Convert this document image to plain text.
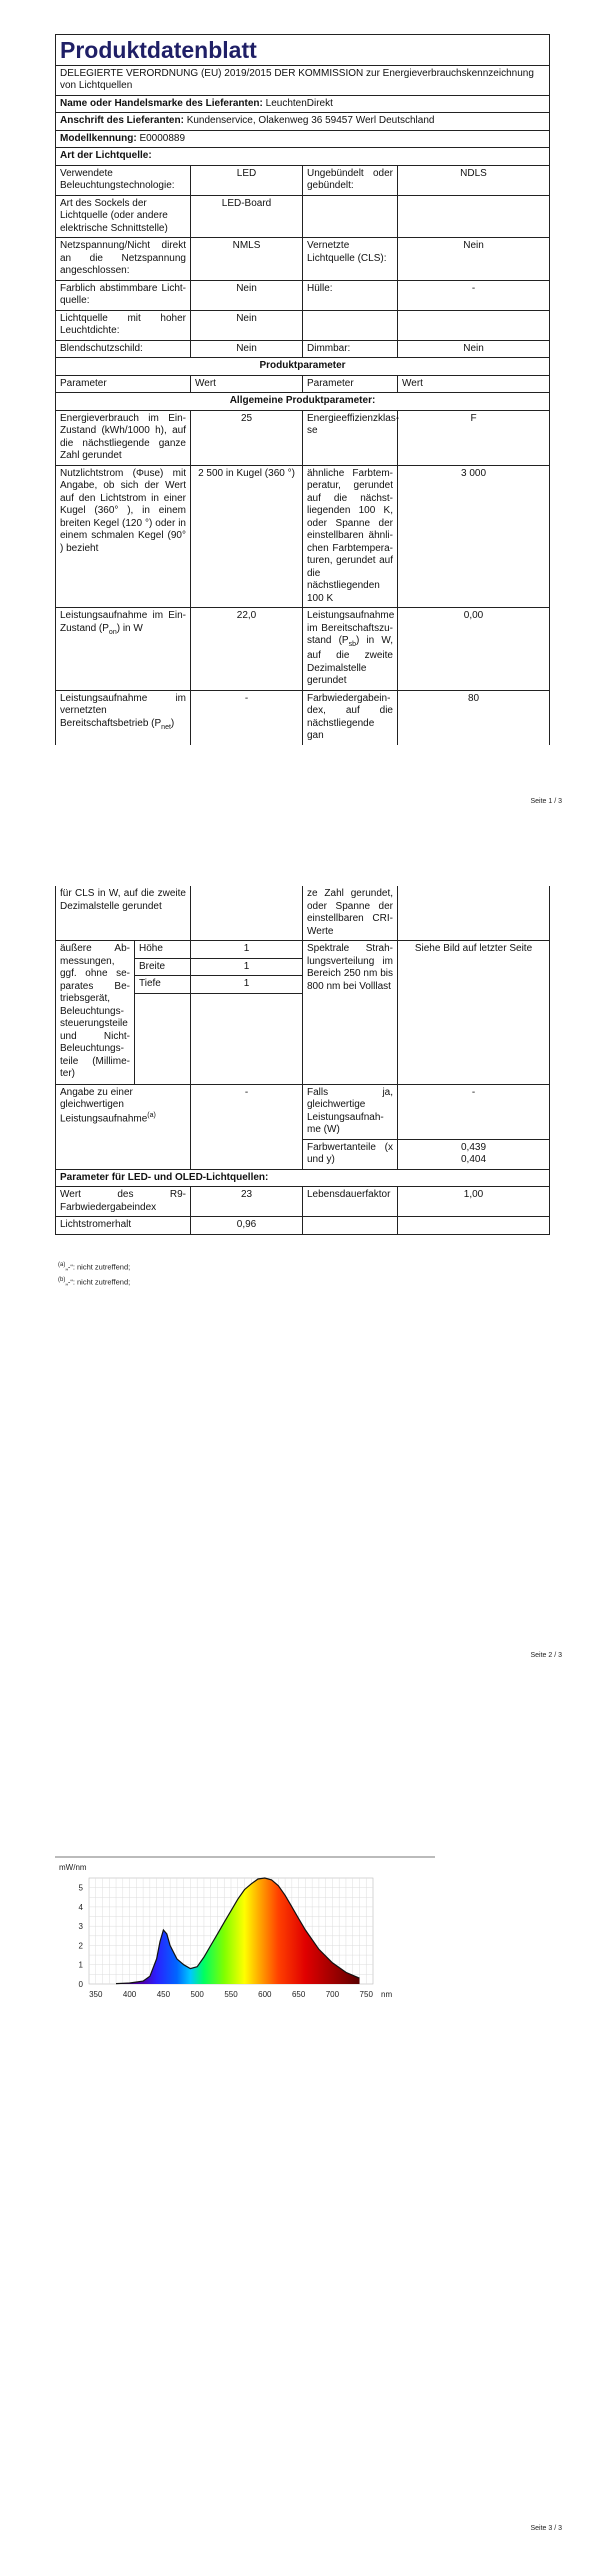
Produktdatenblatt			
DELEGIERTE VERORDNUNG (EU) 2019/2015 DER KOMMISSION zur Energieverbrauchskennzeichnung von Lichtquellen			
Name oder Handelsmarke des Lieferanten: LeuchtenDirekt			
Anschrift des Lieferanten: Kundenservice, Olakenweg 36 59457 Werl Deutschland			
Modellkennung: E0000889			
Art der Lichtquelle:			
Verwendete Beleuchtungstechnologie:	LED	Ungebündelt oder gebündelt:	NDLS
Art des Sockels der Lichtquelle (oder andere elektrische Schnittstelle)	LED-Board		
Netzspannung/Nicht direkt an die Netzspannung angeschlossen:	NMLS	Vernetzte Lichtquelle (CLS):	Nein
Farblich abstimmbare Lichtquelle:	Nein	Hülle:	-
Lichtquelle mit hoher Leuchtdichte:	Nein		
Blendschutzschild:	Nein	Dimmbar:	Nein
Produktparameter			
Parameter	Wert	Parameter	Wert
Allgemeine Produktparameter:			
Energieverbrauch im Ein-Zustand (kWh/1000 h), auf die nächstliegende ganze Zahl gerundet	25	Energieeffizienzklasse	F
Nutzlichtstrom (Φuse) mit Angabe, ob sich der Wert auf den Lichtstrom in einer Kugel (360° ), in einem breiten Kegel (120 °) oder in einem schmalen Kegel (90° ) bezieht	2 500 in Kugel (360 °)	ähnliche Farbtemperatur, gerundet auf die nächstliegenden 100 K, oder Spanne der einstellbaren ähnlichen Farbtemperaturen, gerundet auf die nächstliegenden 100 K	3 000
Leistungsaufnahme im Ein-Zustand $(P_{on})$ in W	22,0	Leistungsaufnahme im Bereitschaftszustand $(P_{sb})$ in W, auf die zweite Dezimalstelle gerundet	0,00
Leistungsaufnahme im vernetzten Bereitschaftsbetrieb $(P_{net})$	-	Farbwiedergabeindex, auf die nächstliegende gan	80
Seite 1 / 3
für CLS in W, auf die zweite Dezimalstelle gerundet			ze Zahl gerundet, oder Spanne der einstellbaren CRI-Werte	
äußere Abmessungen, ggf. ohne separates Betriebsgerät, Beleuchtungssteuerungsteile und Nicht-Beleuchtungsteile (Millimeter)	Höhe	1	Spektrale Strahlungsverteilung im Bereich 250 nm bis 800 nm bei Volllast	Siehe Bild auf letzter Seite
	Breite	1		
	Tiefe	1		

Angabe zu einer gleichwertigen Leistungsaufnahme$^{(a)}$		-	Falls ja, gleichwertige Leistungsaufnahme (W)	-
			Farbwertanteile (x und y)	0,439
0,404

Parameter für LED- und OLED-Lichtquellen:				
Wert des R9-Farbwiedergabeindex		23	Lebensdauerfaktor	1,00
Lichtstromerhalt		0,96		
$^{(a)}$„-“: nicht zutreffend;
$^{(b)}$„-“: nicht zutreffend;
Seite 2 / 3
mW/nm
nm
350	400	450	500	550	600	650	700	750
0
1
2
3
4
5
Seite 3 / 3
